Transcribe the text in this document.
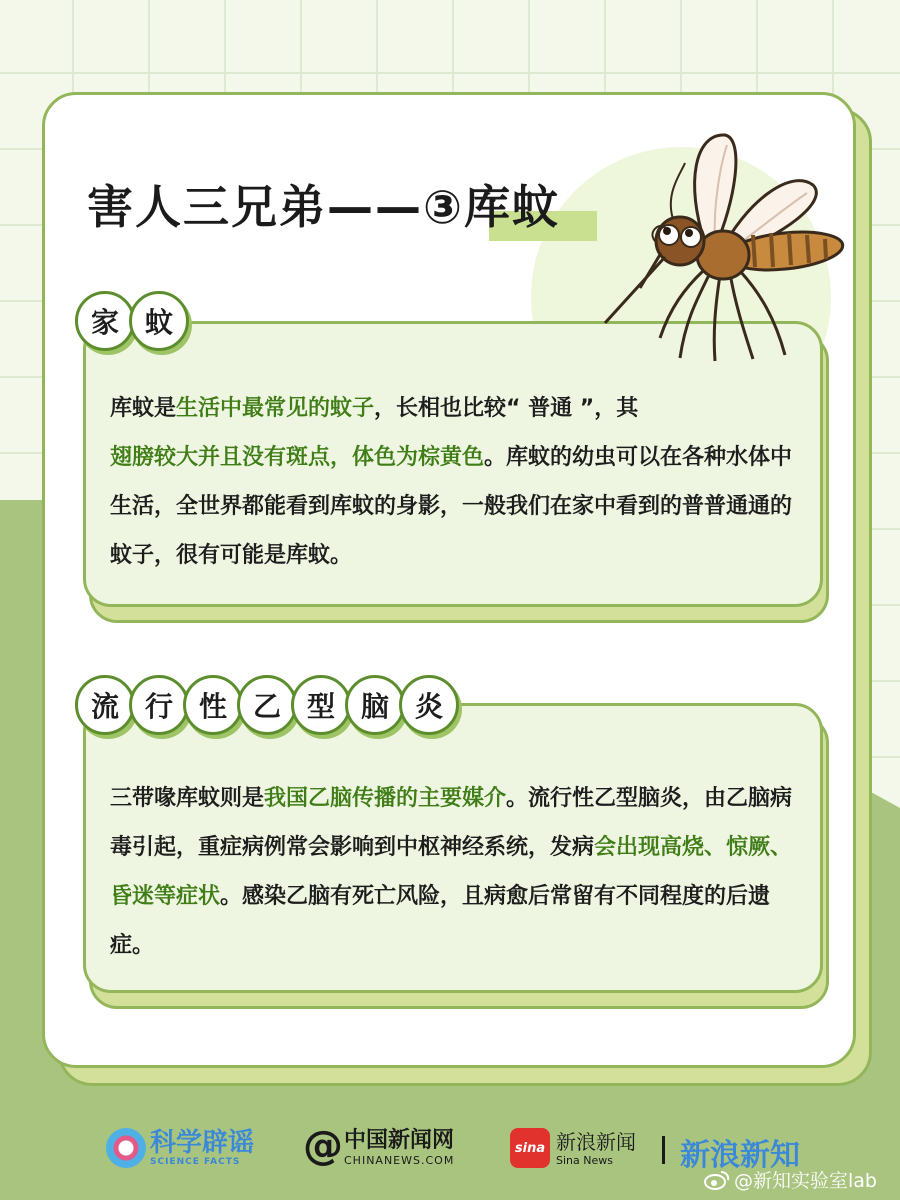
害人三兄弟——③库蚊

库蚊是生活中最常见的蚊子，长相也比较“ 普通 ”，其
翅膀较大并且没有斑点，体色为棕黄色。库蚊的幼虫可以在各种水体中生活，全世界都能看到库蚊的身影，一般我们在家中看到的普普通通的蚊子，很有可能是库蚊。

家 蚊

三带喙库蚊则是我国乙脑传播的主要媒介。流行性乙型脑炎，由乙脑病毒引起，重症病例常会影响到中枢神经系统，发病会出现高烧、惊厥、昏迷等症状。感染乙脑有死亡风险，且病愈后常留有不同程度的后遗症。

流 行 性 乙 型 脑 炎
科学辟谣
SCIENCE FACTS	@ 中国新闻网
CHINANEWS.COM
sina 新浪新闻
Sina News	新浪新知
@新知实验室lab
